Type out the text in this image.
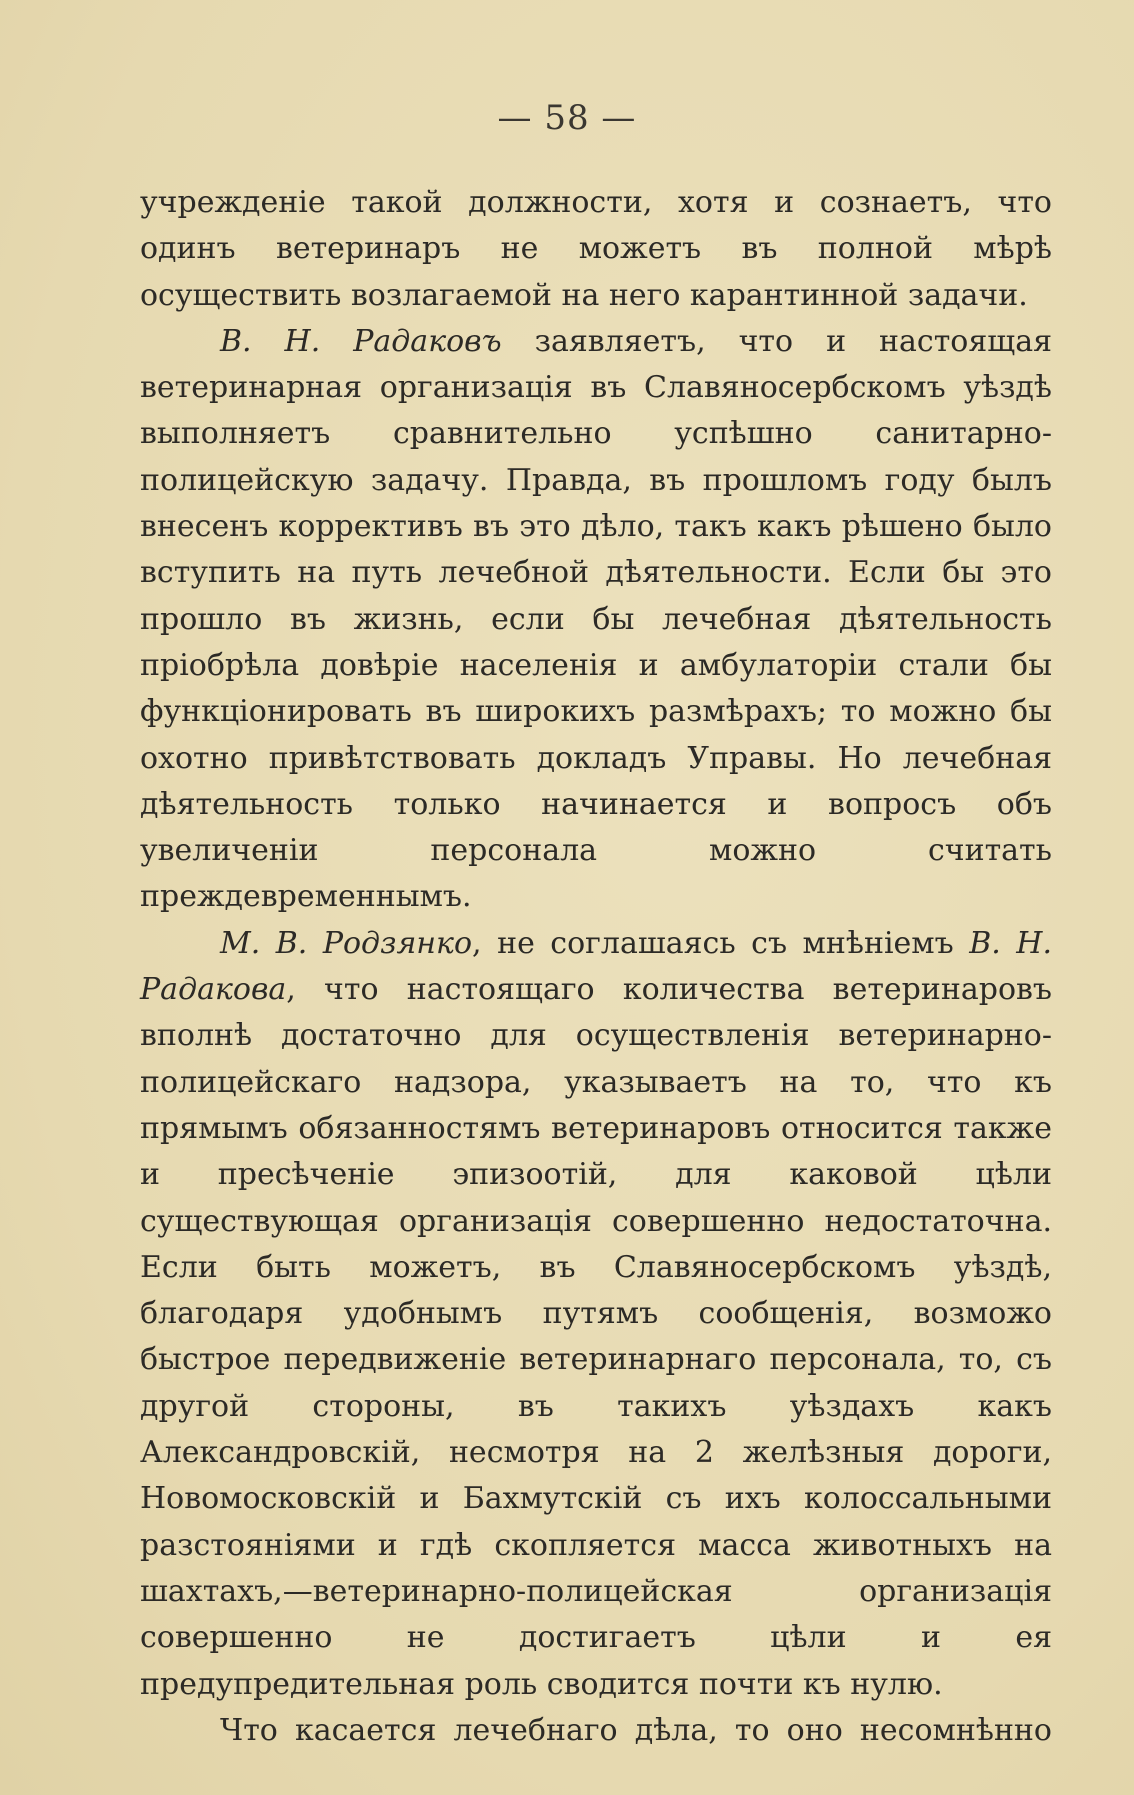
— 58 —

учрежденіе такой должности, хотя и сознаетъ, что одинъ ветеринаръ не можетъ въ полной мѣрѣ осуществить возлагаемой на него карантинной задачи.

В. Н. Радаковъ заявляетъ, что и настоящая ветеринарная организація въ Славяносербскомъ уѣздѣ выполняетъ сравнительно успѣшно санитарно-полицейскую задачу. Правда, въ прошломъ году былъ внесенъ коррективъ въ это дѣло, такъ какъ рѣшено было вступить на путь лечебной дѣятельности. Если бы это прошло въ жизнь, если бы лечебная дѣятельность пріобрѣла довѣріе населенія и амбулаторіи стали бы функціонировать въ широкихъ размѣрахъ; то можно бы охотно привѣтствовать докладъ Управы. Но лечебная дѣятельность только начинается и вопросъ объ увеличеніи персонала можно считать преждевременнымъ.

М. В. Родзянко, не соглашаясь съ мнѣніемъ В. Н. Радакова, что настоящаго количества ветеринаровъ вполнѣ достаточно для осуществленія ветеринарно-полицейскаго надзора, указываетъ на то, что къ прямымъ обязанностямъ ветеринаровъ относится также и пресѣченіе эпизоотій, для каковой цѣли существующая организація совершенно недостаточна. Если быть можетъ, въ Славяносербскомъ уѣздѣ, благодаря удобнымъ путямъ сообщенія, возможо быстрое передвиженіе ветеринарнаго персонала, то, съ другой стороны, въ такихъ уѣздахъ какъ Александровскій, несмотря на 2 желѣзныя дороги, Новомосковскій и Бахмутскій съ ихъ колоссальными разстояніями и гдѣ скопляется масса животныхъ на шахтахъ,—ветеринарно-полицейская организація совершенно не достигаетъ цѣли и ея предупредительная роль сводится почти къ нулю.

Что касается лечебнаго дѣла, то оно несомнѣнно
